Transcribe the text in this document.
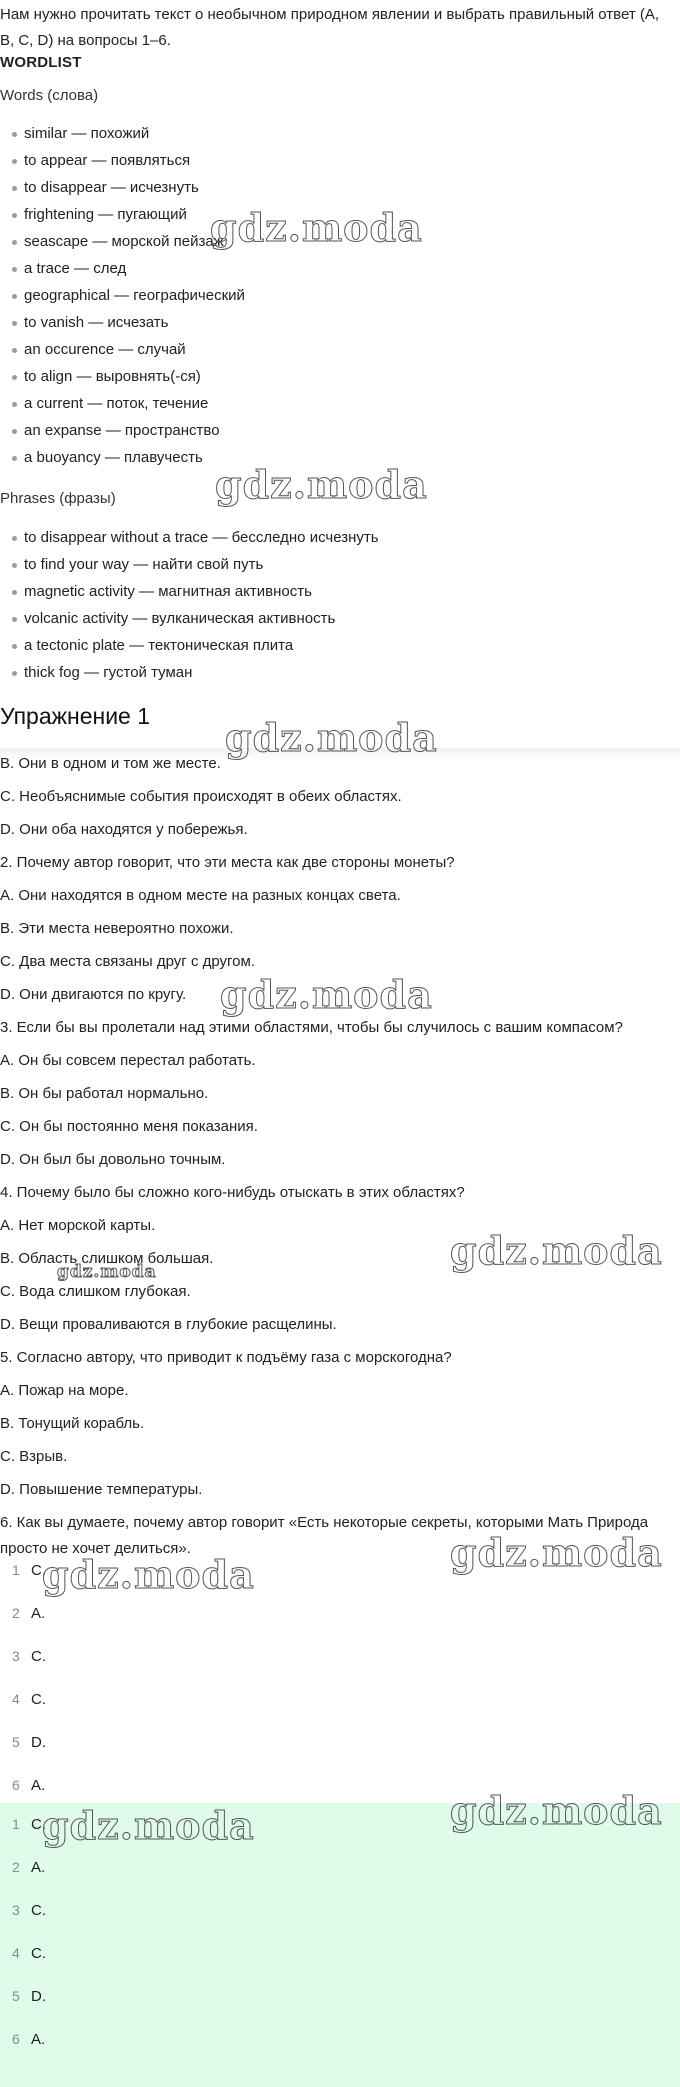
Нам нужно прочитать текст о необычном природном явлении и выбрать правильный ответ (A, B, C, D) на вопросы 1–6.
WORDLIST
Words (слова)
similar — похожий
to appear — появляться
to disappear — исчезнуть
frightening — пугающий
seascape — морской пейзаж
a trace — след
geographical — географический
to vanish — исчезать
an occurence — случай
to align — выровнять(-ся)
a current — поток, течение
an expanse — пространство
a buoyancy — плавучесть
Phrases (фразы)
to disappear without a trace — бесследно исчезнуть
to find your way — найти свой путь
magnetic activity — магнитная активность
volcanic activity — вулканическая активность
a tectonic plate — тектоническая плита
thick fog — густой туман
Упражнение 1
B. Они в одном и том же месте.
C. Необъяснимые события происходят в обеих областях.
D. Они оба находятся у побережья.
2. Почему автор говорит, что эти места как две стороны монеты?
A. Они находятся в одном месте на разных концах света.
B. Эти места невероятно похожи.
C. Два места связаны друг с другом.
D. Они двигаются по кругу.
3. Если бы вы пролетали над этими областями, чтобы бы случилось с вашим компасом?
A. Он бы совсем перестал работать.
B. Он бы работал нормально.
C. Он бы постоянно меня показания.
D. Он был бы довольно точным.
4. Почему было бы сложно кого-нибудь отыскать в этих областях?
A. Нет морской карты.
B. Область слишком большая.
C. Вода слишком глубокая.
D. Вещи проваливаются в глубокие расщелины.
5. Согласно автору, что приводит к подъёму газа с морскогодна?
A. Пожар на море.
B. Тонущий корабль.
C. Взрыв.
D. Повышение температуры.
6. Как вы думаете, почему автор говорит «Есть некоторые секреты, которыми Мать Природа просто не хочет делиться».
1 C.
2 A.
3 C.
4 C.
5 D.
6 A.
1 C.
2 A.
3 C.
4 C.
5 D.
6 A.
gdz.moda
gdz.moda
gdz.moda
gdz.moda
gdz.moda
gdz.moda
gdz.moda
gdz.moda
